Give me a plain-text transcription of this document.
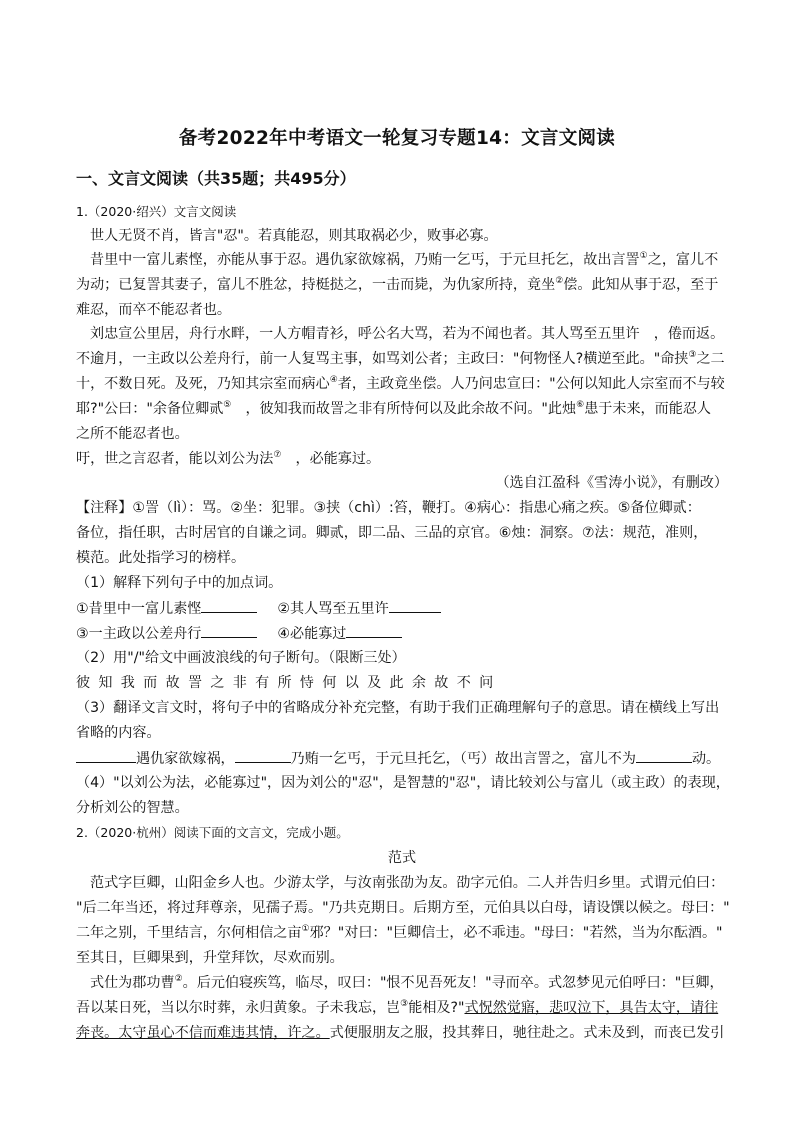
备考2022年中考语文一轮复习专题14：文言文阅读
一、文言文阅读（共35题；共495分）
1.（2020·绍兴）文言文阅读
世人无贤不肖，皆言"忍"。若真能忍，则其取祸必少，败事必寡。
昔里中一富儿素悭，亦能从事于忍。遇仇家欲嫁祸，乃贿一乞丐，于元旦托乞，故出言詈①之，富儿不
为动；已复詈其妻子，富儿不胜忿，持梃挞之，一击而毙，为仇家所持，竟坐②偿。此知从事于忍，至于
难忍，而卒不能忍者也。
刘忠宣公里居，舟行水畔，一人方帽青衫，呼公名大骂，若为不闻也者。其人骂至五里许　，倦而返。
不逾月，一主政以公差舟行，前一人复骂主事，如骂刘公者；主政曰："何物怪人?横逆至此。"命挟③之二
十，不数日死。及死，乃知其宗室而病心④者，主政竟坐偿。人乃问忠宣曰："公何以知此人宗室而不与较
耶?"公曰："余备位卿贰⑤　 ，彼知我而故詈之非有所恃何以及此余故不问。"此烛⑥患于未来，而能忍人
之所不能忍者也。
吁，世之言忍者，能以刘公为法⑦　 ，必能寡过。
（选自江盈科《雪涛小说》，有删改）
【注释】①詈（lì）：骂。②坐：犯罪。③挟（chì）:笞，鞭打。④病心：指患心痛之疾。⑤备位卿贰：
备位，指任职，古时居官的自谦之词。卿贰，即二品、三品的京官。⑥烛：洞察。⑦法：规范，准则，
模范。此处指学习的榜样。
（1）解释下列句子中的加点词。
①昔里中一富儿素悭	②其人骂至五里许
③一主政以公差舟行	④必能寡过
（2）用"/"给文中画波浪线的句子断句。（限断三处）
彼知我而故詈之非有所恃何以及此余故不问
（3）翻译文言文时，将句子中的省略成分补充完整，有助于我们正确理解句子的意思。请在横线上写出
省略的内容。
遇仇家欲嫁祸，	乃贿一乞丐，于元旦托乞，（丐）故出言詈之，富儿不为	动。
（4）"以刘公为法，必能寡过"，因为刘公的"忍"，是智慧的"忍"，请比较刘公与富儿（或主政）的表现，
分析刘公的智慧。
2.（2020·杭州）阅读下面的文言文，完成小题。
范式
范式字巨卿，山阳金乡人也。少游太学，与汝南张劭为友。劭字元伯。二人并告归乡里。式谓元伯曰：
"后二年当还，将过拜尊亲，见孺子焉。"乃共克期日。后期方至，元伯具以白母，请设馔以候之。母曰："
二年之别，千里结言，尔何相信之亩①邪？"对曰："巨卿信士，必不乖违。"母曰："若然，当为尔酝酒。"
至其日，巨卿果到，升堂拜饮，尽欢而别。
式仕为郡功曹②。后元伯寝疾笃，临尽，叹曰："恨不见吾死友！"寻而卒。式忽梦见元伯呼曰："巨卿，
吾以某日死，当以尔时葬，永归黄象。子未我忘，岂③能相及?"式怳然觉寤，悲叹泣下，具告太守，请往
奔丧。太守虽心不信而难违其情，许之。式便服朋友之服，投其葬日，驰往赴之。式未及到，而丧已发引
